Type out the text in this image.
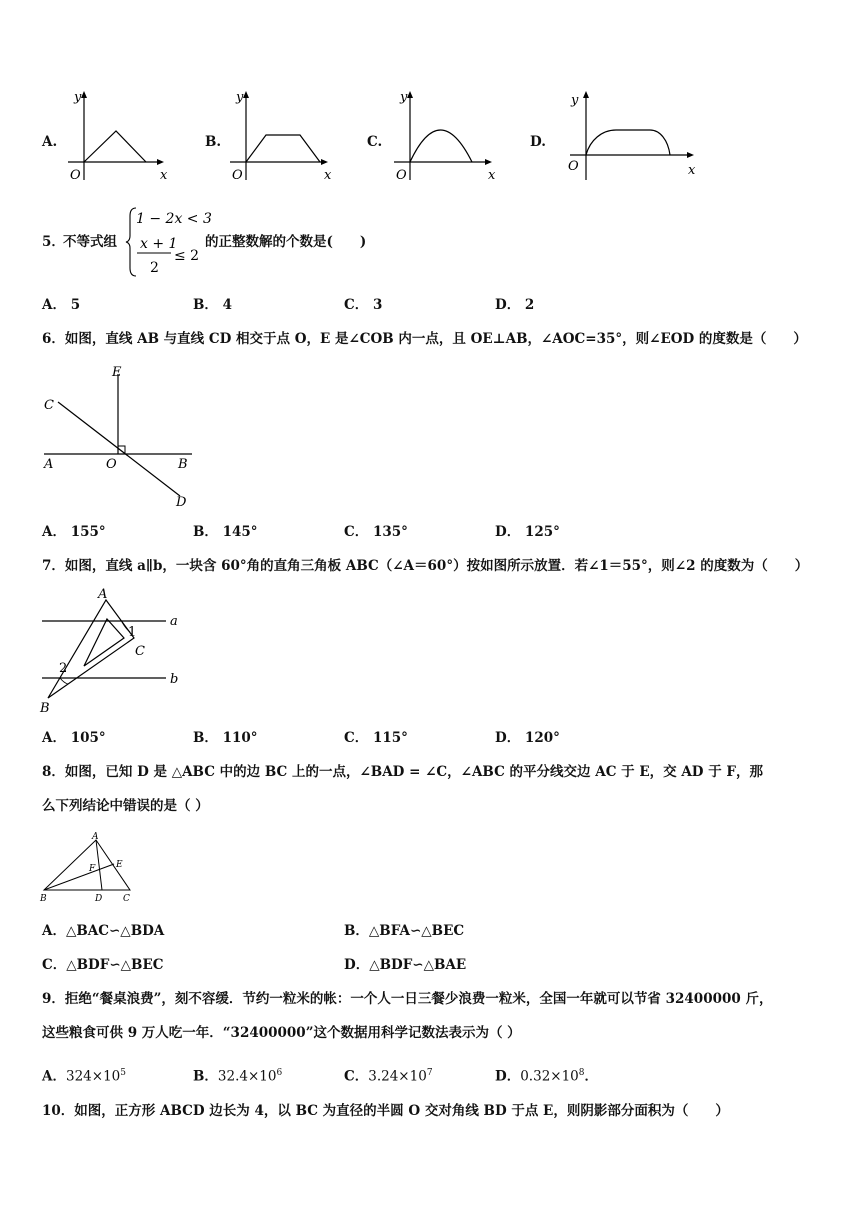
A.
y
O	x
B.
y
O	x
C.
y
O	x
D.
y
O	x
5．
不等式组
1 − 2x < 3
x + 1
2
≤ 2
的正整数解的个数是(　　)
A． 5	B． 4	C． 3	D． 2
6．如图，直线 AB 与直线 CD 相交于点 O，E 是∠COB 内一点，且 OE⊥AB，∠AOC=35°，则∠EOD 的度数是（　　）
E
C
A	O	B
D
A． 155°	B． 145°	C． 135°	D． 125°
7．如图，直线 a∥b，一块含 60°角的直角三角板 ABC（∠A＝60°）按如图所示放置．若∠1＝55°，则∠2 的度数为（　　）
A
a
1
C
2
b
B
A． 105°	B． 110°	C． 115°	D． 120°
8．如图，已知 D 是 △ABC 中的边 BC 上的一点，∠BAD = ∠C，∠ABC 的平分线交边 AC 于 E，交 AD 于 F，那
么下列结论中错误的是（ ）
A
F E
B	D C
A．△BAC∽△BDA	B．△BFA∽△BEC
C．△BDF∽△BEC	D．△BDF∽△BAE
9．拒绝“餐桌浪费”，刻不容缓．节约一粒米的帐：一个人一日三餐少浪费一粒米，全国一年就可以节省 32400000 斤，
这些粮食可供 9 万人吃一年．“32400000”这个数据用科学记数法表示为（ ）
A．$324\times 10^5$	B．$32.4\times 10^6$	C．$3.24\times 10^7$	D．$0.32\times 10^8$．
10．如图，正方形 ABCD 边长为 4，以 BC 为直径的半圆 O 交对角线 BD 于点 E，则阴影部分面积为（　　）
